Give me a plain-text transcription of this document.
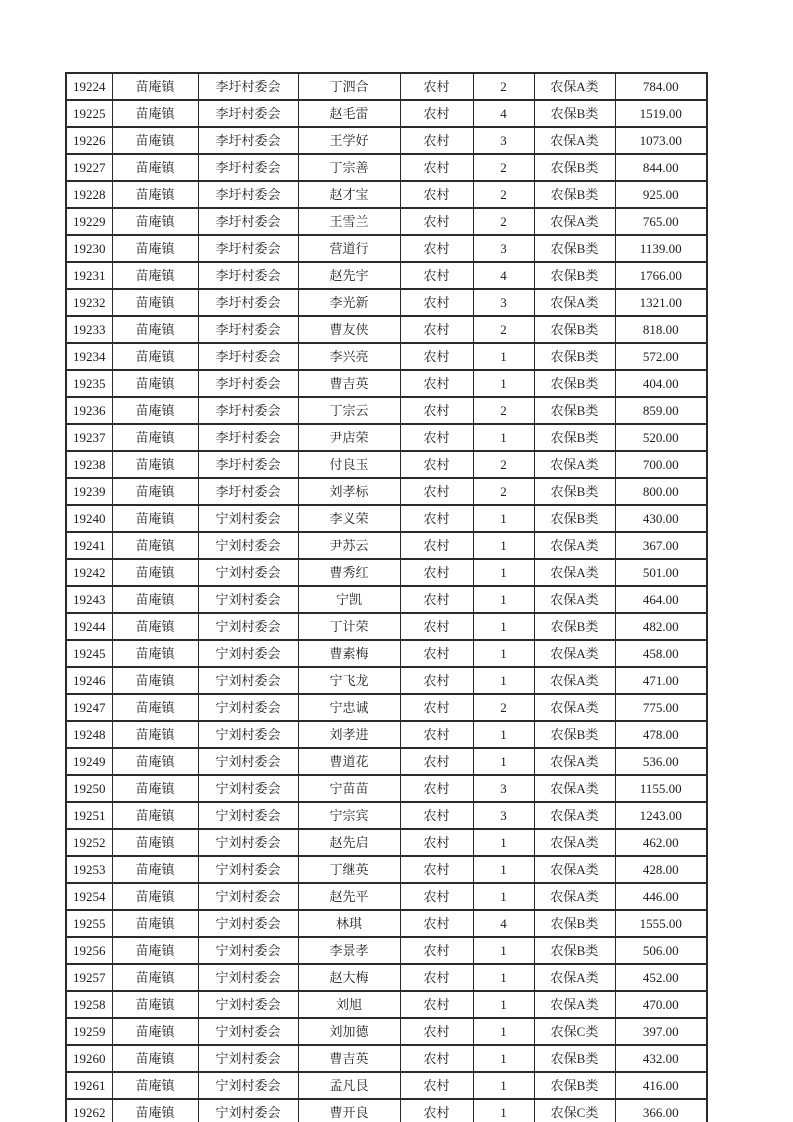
19224	苗庵镇	李圩村委会	丁泗合	农村	2	农保A类	784.00
19225	苗庵镇	李圩村委会	赵毛雷	农村	4	农保B类	1519.00
19226	苗庵镇	李圩村委会	王学好	农村	3	农保A类	1073.00
19227	苗庵镇	李圩村委会	丁宗善	农村	2	农保B类	844.00
19228	苗庵镇	李圩村委会	赵才宝	农村	2	农保B类	925.00
19229	苗庵镇	李圩村委会	王雪兰	农村	2	农保A类	765.00
19230	苗庵镇	李圩村委会	营道行	农村	3	农保B类	1139.00
19231	苗庵镇	李圩村委会	赵先宇	农村	4	农保B类	1766.00
19232	苗庵镇	李圩村委会	李光新	农村	3	农保A类	1321.00
19233	苗庵镇	李圩村委会	曹友侠	农村	2	农保B类	818.00
19234	苗庵镇	李圩村委会	李兴亮	农村	1	农保B类	572.00
19235	苗庵镇	李圩村委会	曹吉英	农村	1	农保B类	404.00
19236	苗庵镇	李圩村委会	丁宗云	农村	2	农保B类	859.00
19237	苗庵镇	李圩村委会	尹店荣	农村	1	农保B类	520.00
19238	苗庵镇	李圩村委会	付良玉	农村	2	农保A类	700.00
19239	苗庵镇	李圩村委会	刘孝标	农村	2	农保B类	800.00
19240	苗庵镇	宁刘村委会	李义荣	农村	1	农保B类	430.00
19241	苗庵镇	宁刘村委会	尹苏云	农村	1	农保A类	367.00
19242	苗庵镇	宁刘村委会	曹秀红	农村	1	农保A类	501.00
19243	苗庵镇	宁刘村委会	宁凯	农村	1	农保A类	464.00
19244	苗庵镇	宁刘村委会	丁计荣	农村	1	农保B类	482.00
19245	苗庵镇	宁刘村委会	曹素梅	农村	1	农保A类	458.00
19246	苗庵镇	宁刘村委会	宁飞龙	农村	1	农保A类	471.00
19247	苗庵镇	宁刘村委会	宁忠诚	农村	2	农保A类	775.00
19248	苗庵镇	宁刘村委会	刘孝进	农村	1	农保B类	478.00
19249	苗庵镇	宁刘村委会	曹道花	农村	1	农保A类	536.00
19250	苗庵镇	宁刘村委会	宁苗苗	农村	3	农保A类	1155.00
19251	苗庵镇	宁刘村委会	宁宗宾	农村	3	农保A类	1243.00
19252	苗庵镇	宁刘村委会	赵先启	农村	1	农保A类	462.00
19253	苗庵镇	宁刘村委会	丁继英	农村	1	农保A类	428.00
19254	苗庵镇	宁刘村委会	赵先平	农村	1	农保A类	446.00
19255	苗庵镇	宁刘村委会	林琪	农村	4	农保B类	1555.00
19256	苗庵镇	宁刘村委会	李景孝	农村	1	农保B类	506.00
19257	苗庵镇	宁刘村委会	赵大梅	农村	1	农保A类	452.00
19258	苗庵镇	宁刘村委会	刘旭	农村	1	农保A类	470.00
19259	苗庵镇	宁刘村委会	刘加德	农村	1	农保C类	397.00
19260	苗庵镇	宁刘村委会	曹吉英	农村	1	农保B类	432.00
19261	苗庵镇	宁刘村委会	孟凡艮	农村	1	农保B类	416.00
19262	苗庵镇	宁刘村委会	曹开良	农村	1	农保C类	366.00
